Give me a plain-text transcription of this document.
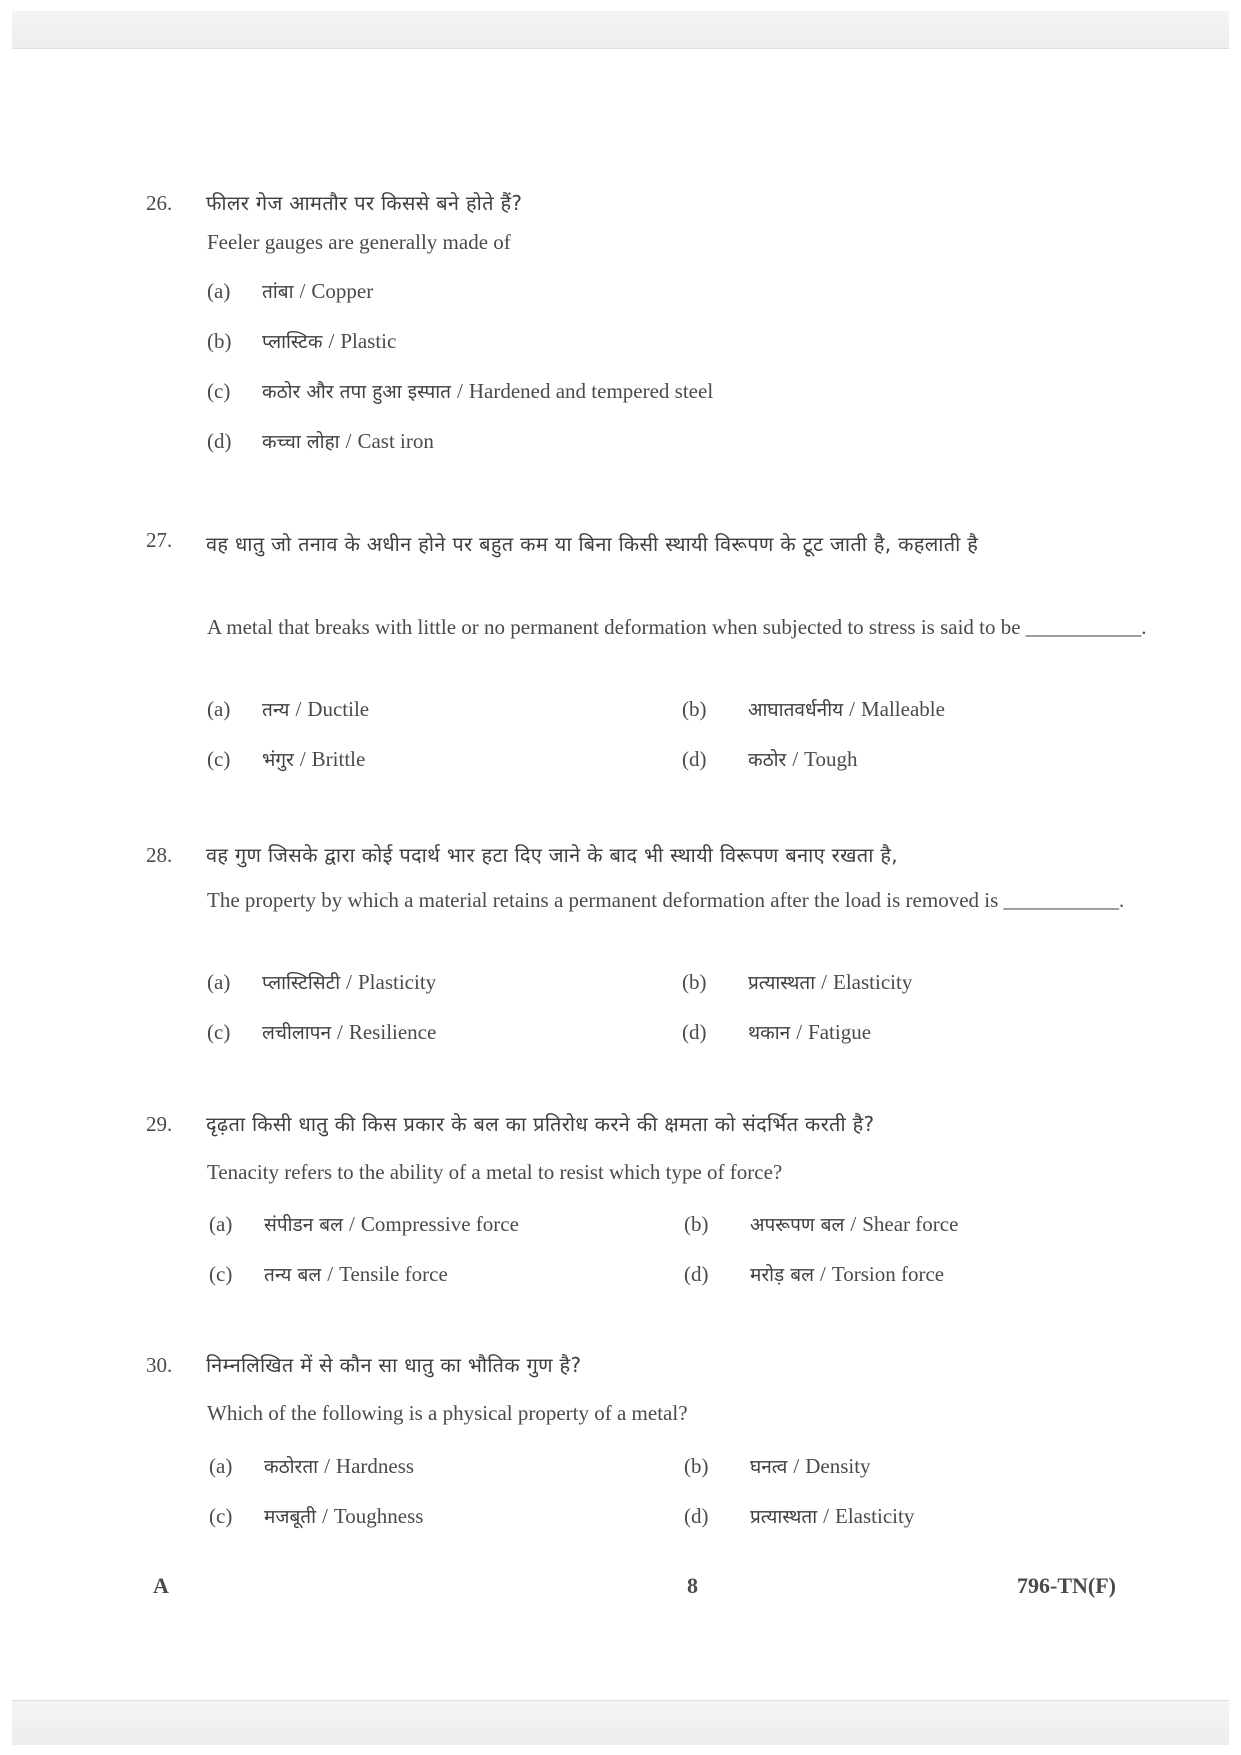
26. फीलर गेज आमतौर पर किससे बने होते हैं?
Feeler gauges are generally made of
(a) तांबा / Copper
(b) प्लास्टिक / Plastic
(c) कठोर और तपा हुआ इस्पात / Hardened and tempered steel
(d) कच्चा लोहा / Cast iron
27. वह धातु जो तनाव के अधीन होने पर बहुत कम या बिना किसी स्थायी विरूपण के टूट जाती है, कहलाती है
A metal that breaks with little or no permanent deformation when subjected to stress is said to be ___________.
(a) तन्य / Ductile	(b) आघातवर्धनीय / Malleable
(c) भंगुर / Brittle	(d) कठोर / Tough
28. वह गुण जिसके द्वारा कोई पदार्थ भार हटा दिए जाने के बाद भी स्थायी विरूपण बनाए रखता है,
The property by which a material retains a permanent deformation after the load is removed is ___________.
(a) प्लास्टिसिटी / Plasticity	(b) प्रत्यास्थता / Elasticity
(c) लचीलापन / Resilience	(d) थकान / Fatigue
29. दृढ़ता किसी धातु की किस प्रकार के बल का प्रतिरोध करने की क्षमता को संदर्भित करती है?
Tenacity refers to the ability of a metal to resist which type of force?
(a) संपीडन बल / Compressive force	(b) अपरूपण बल / Shear force
(c) तन्य बल / Tensile force	(d) मरोड़ बल / Torsion force
30. निम्नलिखित में से कौन सा धातु का भौतिक गुण है?
Which of the following is a physical property of a metal?
(a) कठोरता / Hardness	(b) घनत्व / Density
(c) मजबूती / Toughness	(d) प्रत्यास्थता / Elasticity
A	8	796-TN(F)
